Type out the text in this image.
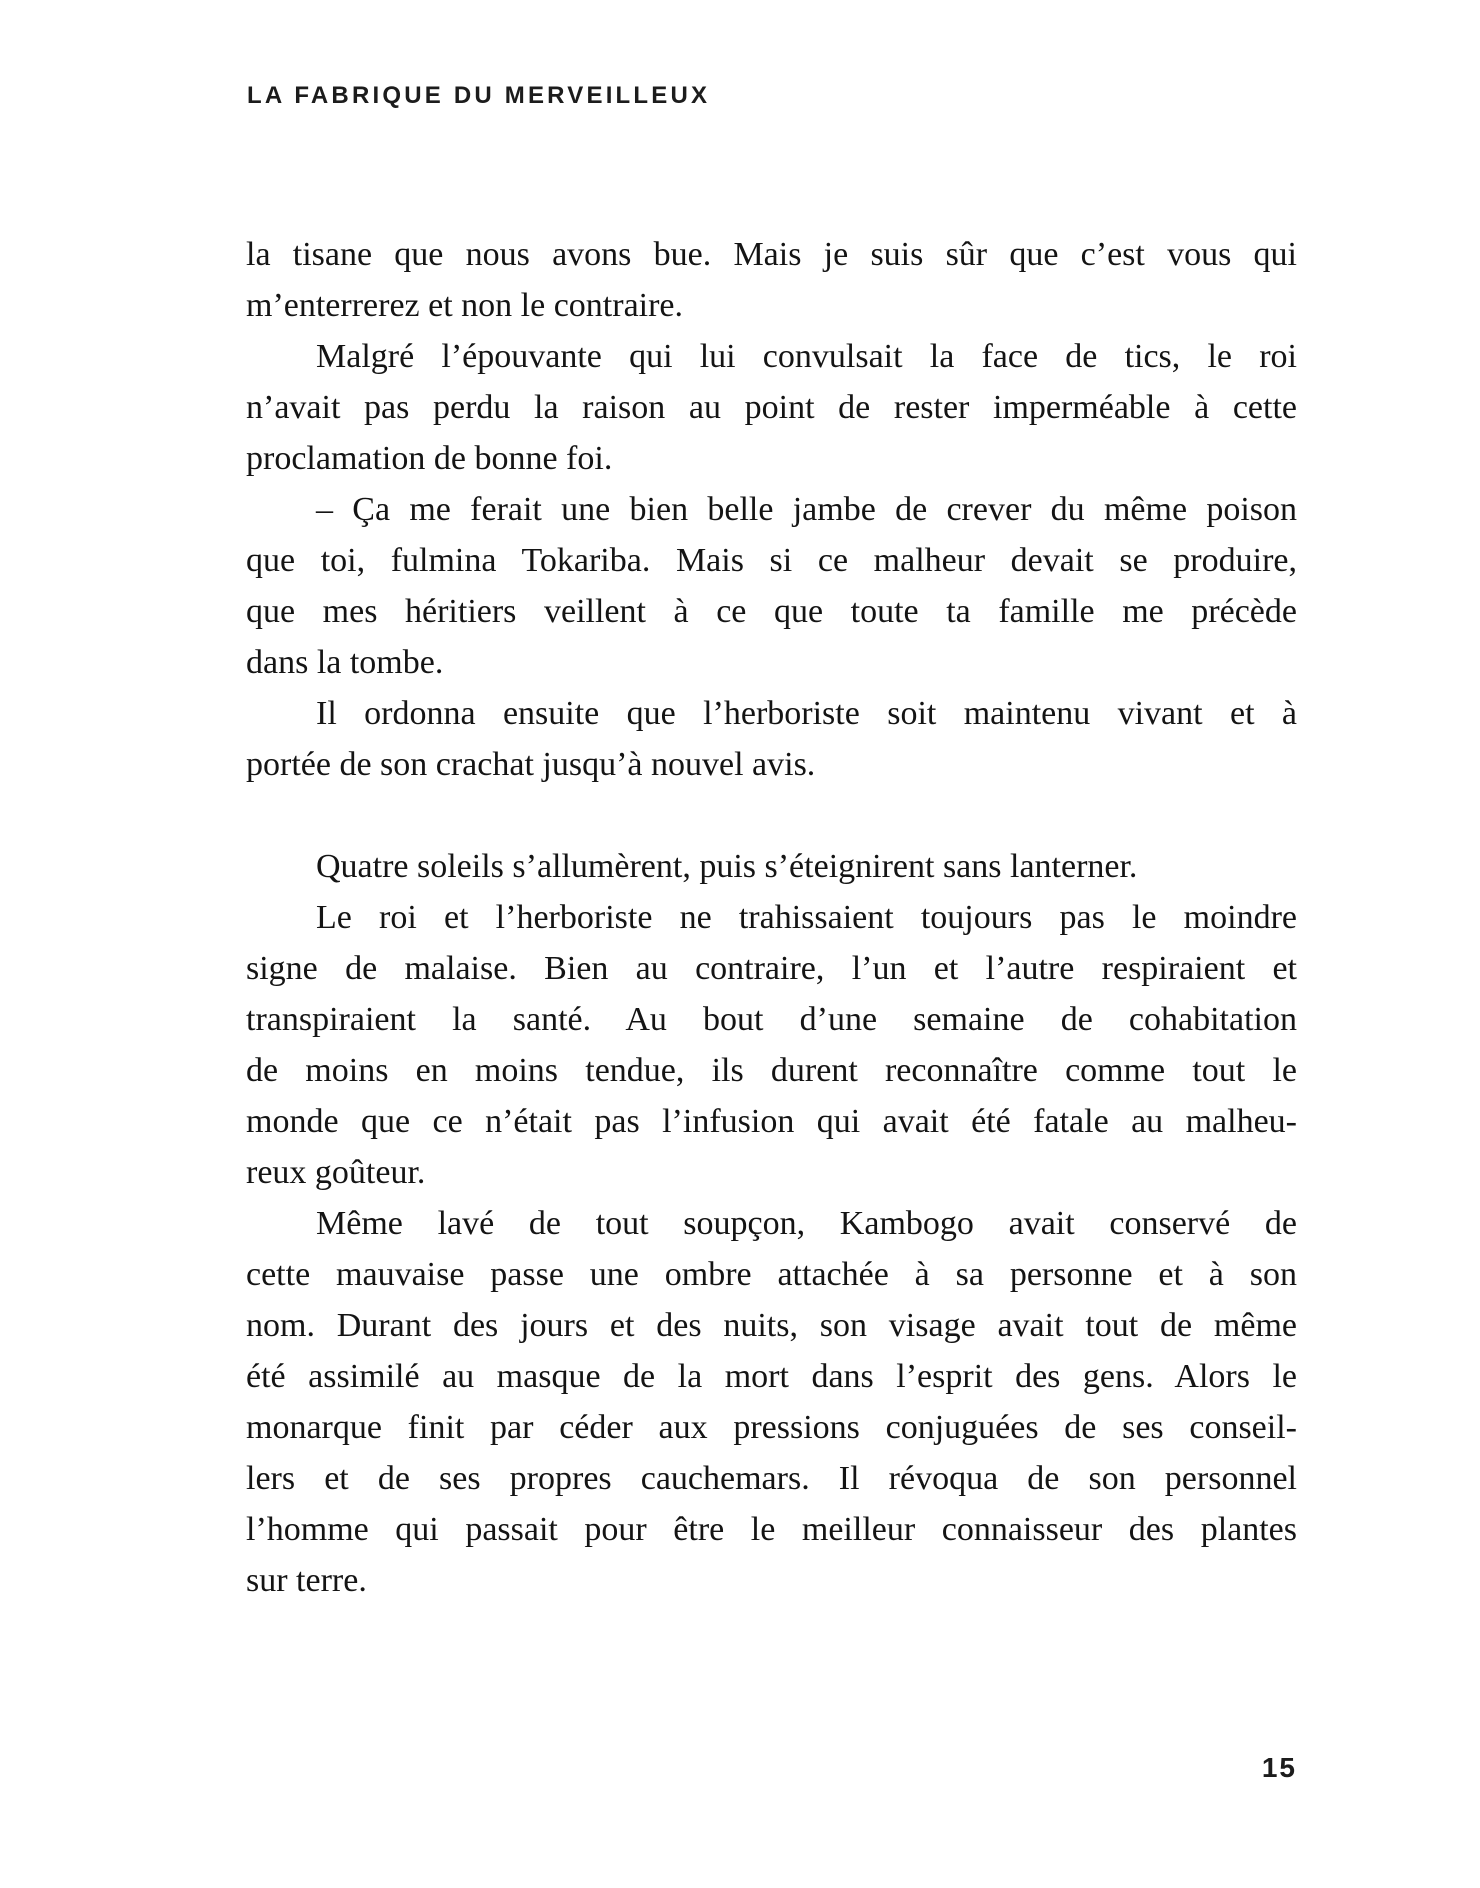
LA FABRIQUE DU MERVEILLEUX
la tisane que nous avons bue. Mais je suis sûr que c’est vous qui
m’enterrerez et non le contraire.
Malgré l’épouvante qui lui convulsait la face de tics, le roi
n’avait pas perdu la raison au point de rester imperméable à cette
proclamation de bonne foi.
– Ça me ferait une bien belle jambe de crever du même poison
que toi, fulmina Tokariba. Mais si ce malheur devait se produire,
que mes héritiers veillent à ce que toute ta famille me précède
dans la tombe.
Il ordonna ensuite que l’herboriste soit maintenu vivant et à
portée de son crachat jusqu’à nouvel avis.
Quatre soleils s’allumèrent, puis s’éteignirent sans lanterner.
Le roi et l’herboriste ne trahissaient toujours pas le moindre
signe de malaise. Bien au contraire, l’un et l’autre respiraient et
transpiraient la santé. Au bout d’une semaine de cohabitation
de moins en moins tendue, ils durent reconnaître comme tout le
monde que ce n’était pas l’infusion qui avait été fatale au malheu-
reux goûteur.
Même lavé de tout soupçon, Kambogo avait conservé de
cette mauvaise passe une ombre attachée à sa personne et à son
nom. Durant des jours et des nuits, son visage avait tout de même
été assimilé au masque de la mort dans l’esprit des gens. Alors le
monarque finit par céder aux pressions conjuguées de ses conseil-
lers et de ses propres cauchemars. Il révoqua de son personnel
l’homme qui passait pour être le meilleur connaisseur des plantes
sur terre.
15
